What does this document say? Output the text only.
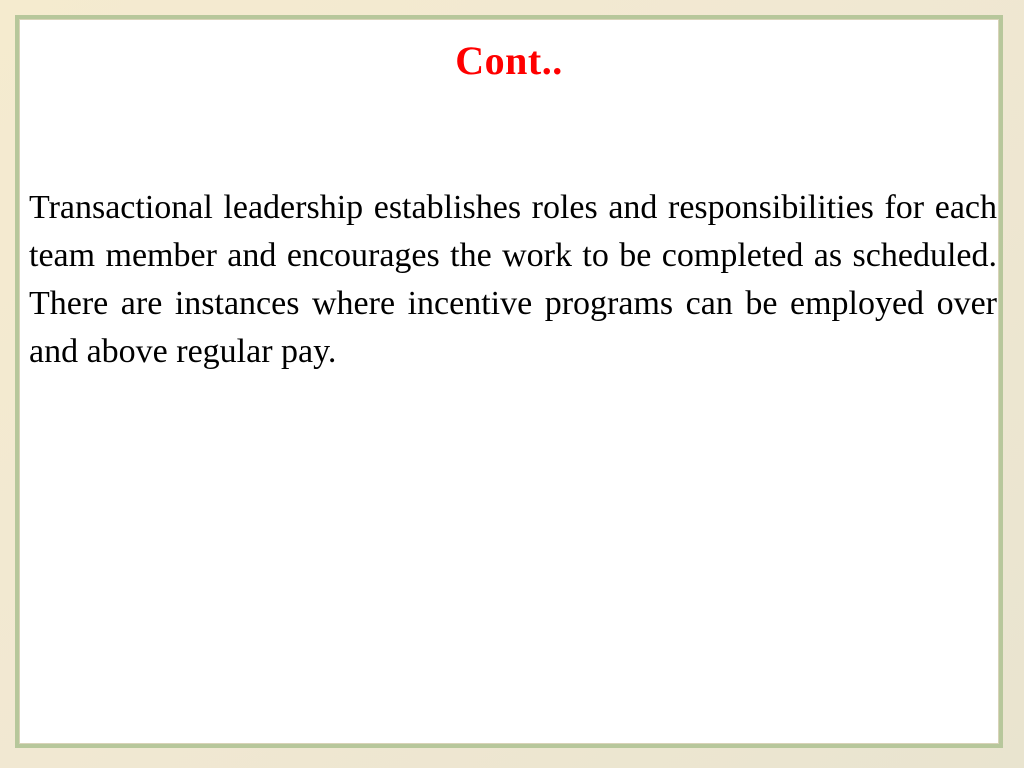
Cont..

Transactional leadership establishes roles and responsibilities for each team member and encourages the work to be completed as scheduled. There are instances where incentive programs can be employed over and above regular pay.
